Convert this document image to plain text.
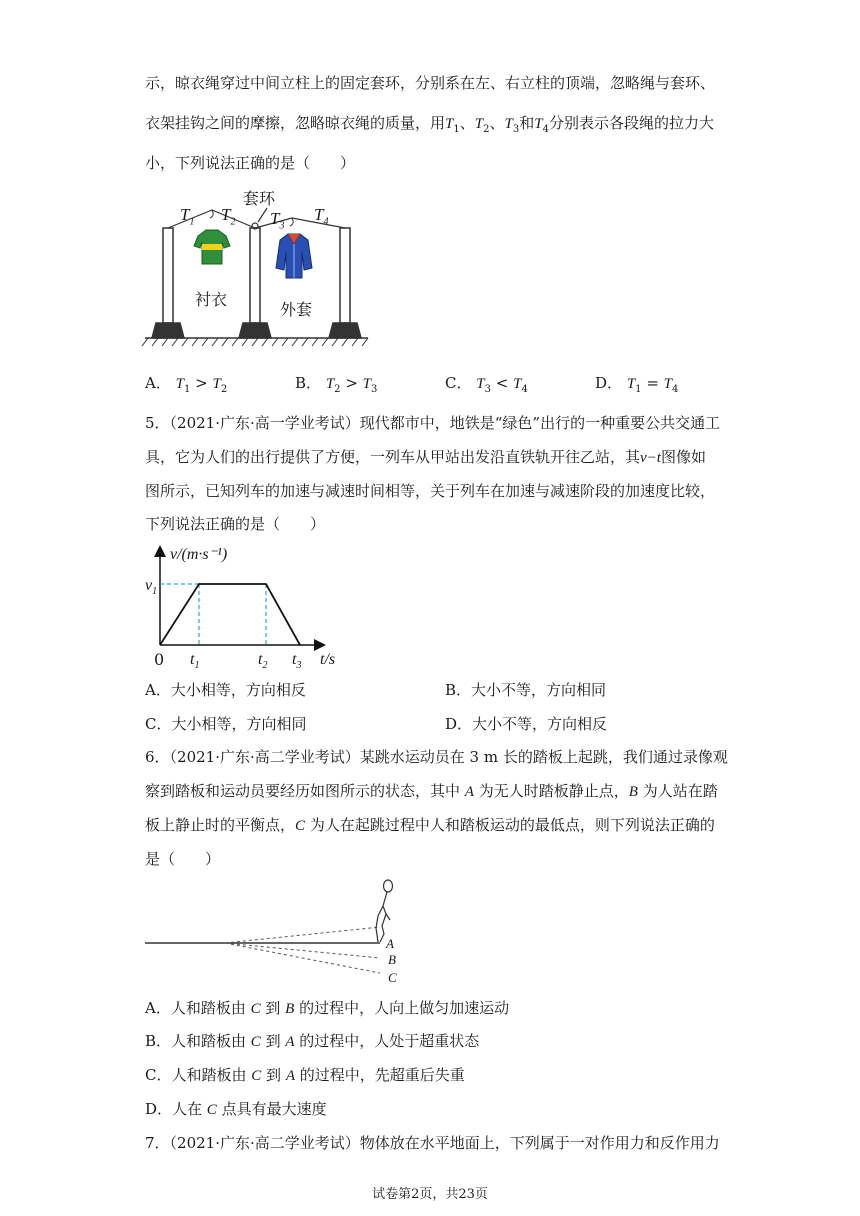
示，晾衣绳穿过中间立柱上的固定套环，分别系在左、右立柱的顶端，忽略绳与套环、
衣架挂钩之间的摩擦，忽略晾衣绳的质量，用$T_1$、$T_2$、$T_3$和$T_4$分别表示各段绳的拉力大
小，下列说法正确的是（　　）
$T_1$ $T_2$ $T_3$
$T_4$
套环
衬衣
外套
A． $T_1 > T_2$	B． $T_2 > T_3$	C． $T_3 < T_4$	D． $T_1 = T_4$
5．（2021·广东·高一学业考试）现代都市中，地铁是“绿色”出行的一种重要公共交通工
具，它为人们的出行提供了方便，一列车从甲站出发沿直铁轨开往乙站，其v−t图像如
图所示，已知列车的加速与减速时间相等，关于列车在加速与减速阶段的加速度比较，
下列说法正确的是（　　）
v/(m·s⁻¹)
$v_1$
0 $t_1$	$t_2$ $t_3$ t/s
A．大小相等，方向相反	B．大小不等，方向相同
C．大小相等，方向相同	D．大小不等，方向相反
6．（2021·广东·高二学业考试）某跳水运动员在 3 m 长的踏板上起跳，我们通过录像观
察到踏板和运动员要经历如图所示的状态，其中 A 为无人时踏板静止点，B 为人站在踏
板上静止时的平衡点，C 为人在起跳过程中人和踏板运动的最低点，则下列说法正确的
是（　　）
A
B
C
A．人和踏板由 C 到 B 的过程中，人向上做匀加速运动
B．人和踏板由 C 到 A 的过程中，人处于超重状态
C．人和踏板由 C 到 A 的过程中，先超重后失重
D．人在 C 点具有最大速度
7．（2021·广东·高二学业考试）物体放在水平地面上，下列属于一对作用力和反作用力
试卷第2页，共23页
